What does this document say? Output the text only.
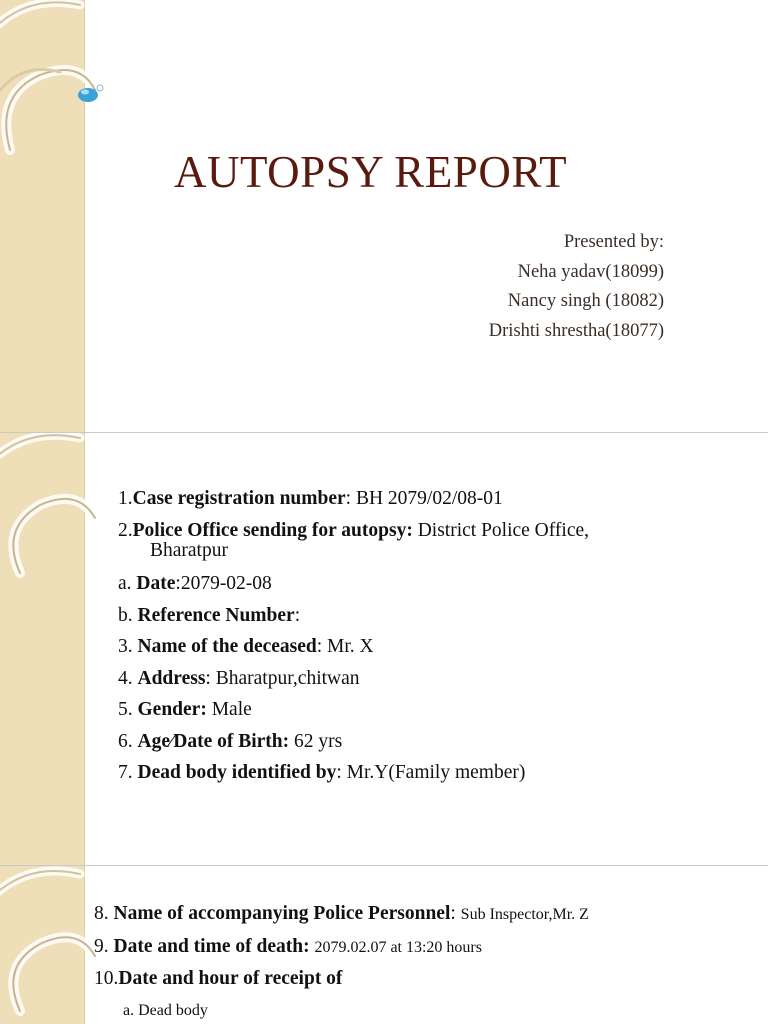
AUTOPSY REPORT
Presented by:
Neha yadav(18099)
Nancy singh (18082)
Drishti shrestha(18077)
1.Case registration number: BH 2079/02/08-01
2.Police Office sending for autopsy: District Police Office,
Bharatpur
a. Date:2079-02-08
b. Reference Number:
3. Name of the deceased: Mr. X
4. Address: Bharatpur,chitwan
5. Gender: Male
6. Age⁄Date of Birth: 62 yrs
7. Dead body identified by: Mr.Y(Family member)
8. Name of accompanying Police Personnel: Sub Inspector,Mr. Z
9. Date and time of death: 2079.02.07 at 13:20 hours
10.Date and hour of receipt of
a. Dead body
